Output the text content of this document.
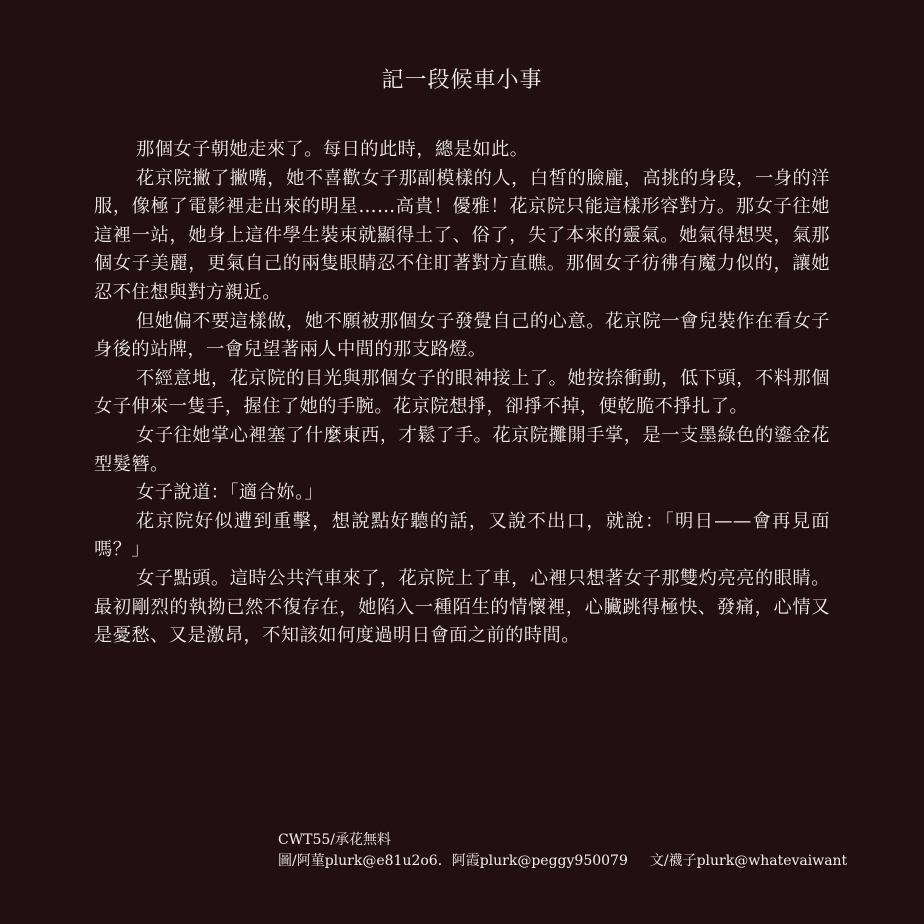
記一段候車小事

那個女子朝她走來了。每日的此時，總是如此。

花京院撇了撇嘴，她不喜歡女子那副模樣的人，白皙的臉龐，高挑的身段，一身的洋服，像極了電影裡走出來的明星……高貴！優雅！花京院只能這樣形容對方。那女子往她這裡一站，她身上這件學生裝束就顯得土了、俗了，失了本來的靈氣。她氣得想哭，氣那個女子美麗，更氣自己的兩隻眼睛忍不住盯著對方直瞧。那個女子彷彿有魔力似的，讓她忍不住想與對方親近。

但她偏不要這樣做，她不願被那個女子發覺自己的心意。花京院一會兒裝作在看女子身後的站牌，一會兒望著兩人中間的那支路燈。

不經意地，花京院的目光與那個女子的眼神接上了。她按捺衝動，低下頭，不料那個女子伸來一隻手，握住了她的手腕。花京院想掙，卻掙不掉，便乾脆不掙扎了。

女子往她掌心裡塞了什麼東西，才鬆了手。花京院攤開手掌，是一支墨綠色的鎏金花型髮簪。

女子說道：「適合妳。」

花京院好似遭到重擊，想說點好聽的話，又說不出口，就說：「明日——會再見面嗎？」

女子點頭。這時公共汽車來了，花京院上了車，心裡只想著女子那雙灼亮亮的眼睛。最初剛烈的執拗已然不復存在，她陷入一種陌生的情懷裡，心臟跳得極快、發痛，心情又是憂愁、又是激昂，不知該如何度過明日會面之前的時間。

CWT55/承花無料
圖/阿菫plurk@e81u2o6．阿霞plurk@peggy950079 文/襪子plurk@whatevaiwant
